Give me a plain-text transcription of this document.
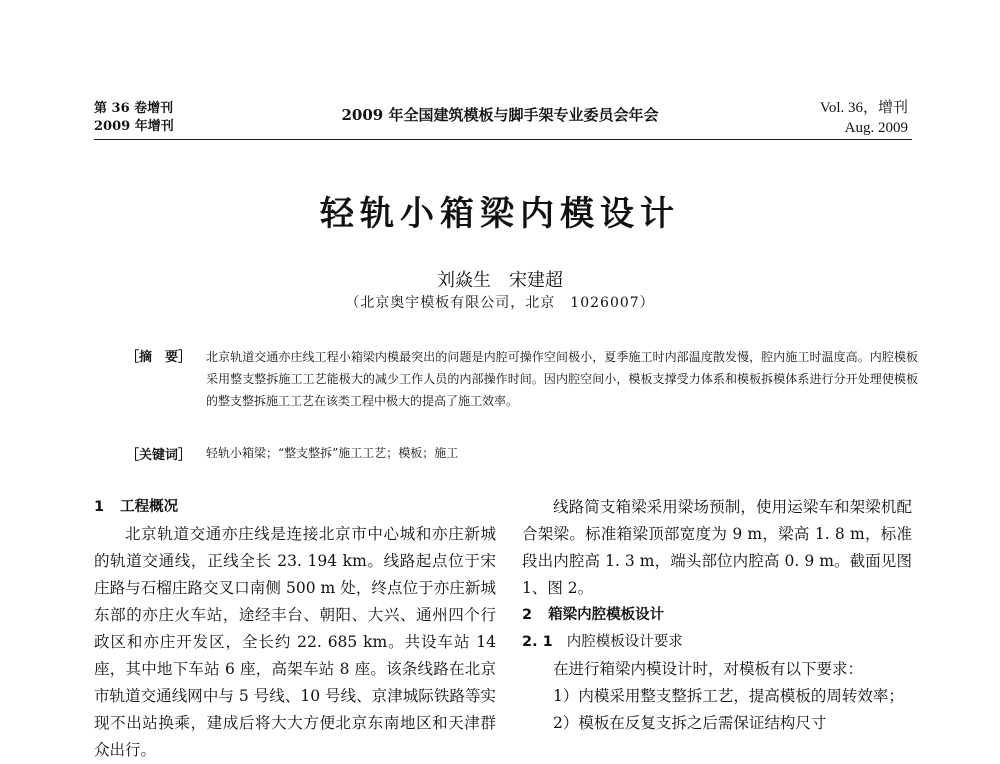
第 36 卷增刊
2009 年增刊
2009 年全国建筑模板与脚手架专业委员会年会	Vol. 36，增刊
Aug. 2009
轻轨小箱梁内模设计
刘焱生　宋建超
（北京奥宇模板有限公司，北京　1026007）
［摘　要］ 北京轨道交通亦庄线工程小箱梁内模最突出的问题是内腔可操作空间极小，夏季施工时内部温度散发慢，腔内施工时温度高。内腔模板采用整支整拆施工工艺能极大的减少工作人员的内部操作时间。因内腔空间小，模板支撑受力体系和模板拆模体系进行分开处理使模板的整支整拆施工工艺在该类工程中极大的提高了施工效率。
［关键词］ 轻轨小箱梁；“整支整拆”施工工艺；模板；施工
1 工程概况
北京轨道交通亦庄线是连接北京市中心城和亦庄新城的轨道交通线，正线全长 23. 194 km。线路起点位于宋庄路与石榴庄路交叉口南侧 500 m 处，终点位于亦庄新城东部的亦庄火车站，途经丰台、朝阳、大兴、通州四个行政区和亦庄开发区，全长约 22. 685 km。共设车站 14 座，其中地下车站 6 座，高架车站 8 座。该条线路在北京市轨道交通线网中与 5 号线、10 号线、京津城际铁路等实现不出站换乘，建成后将大大方便北京东南地区和天津群众出行。
线路简支箱梁采用梁场预制，使用运梁车和架梁机配合架梁。标准箱梁顶部宽度为 9 m，梁高 1. 8 m，标准段出内腔高 1. 3 m，端头部位内腔高 0. 9 m。截面见图 1、图 2。
2 箱梁内腔模板设计
2. 1 内腔模板设计要求
在进行箱梁内模设计时，对模板有以下要求：
1）内模采用整支整拆工艺，提高模板的周转效率；
2）模板在反复支拆之后需保证结构尺寸
